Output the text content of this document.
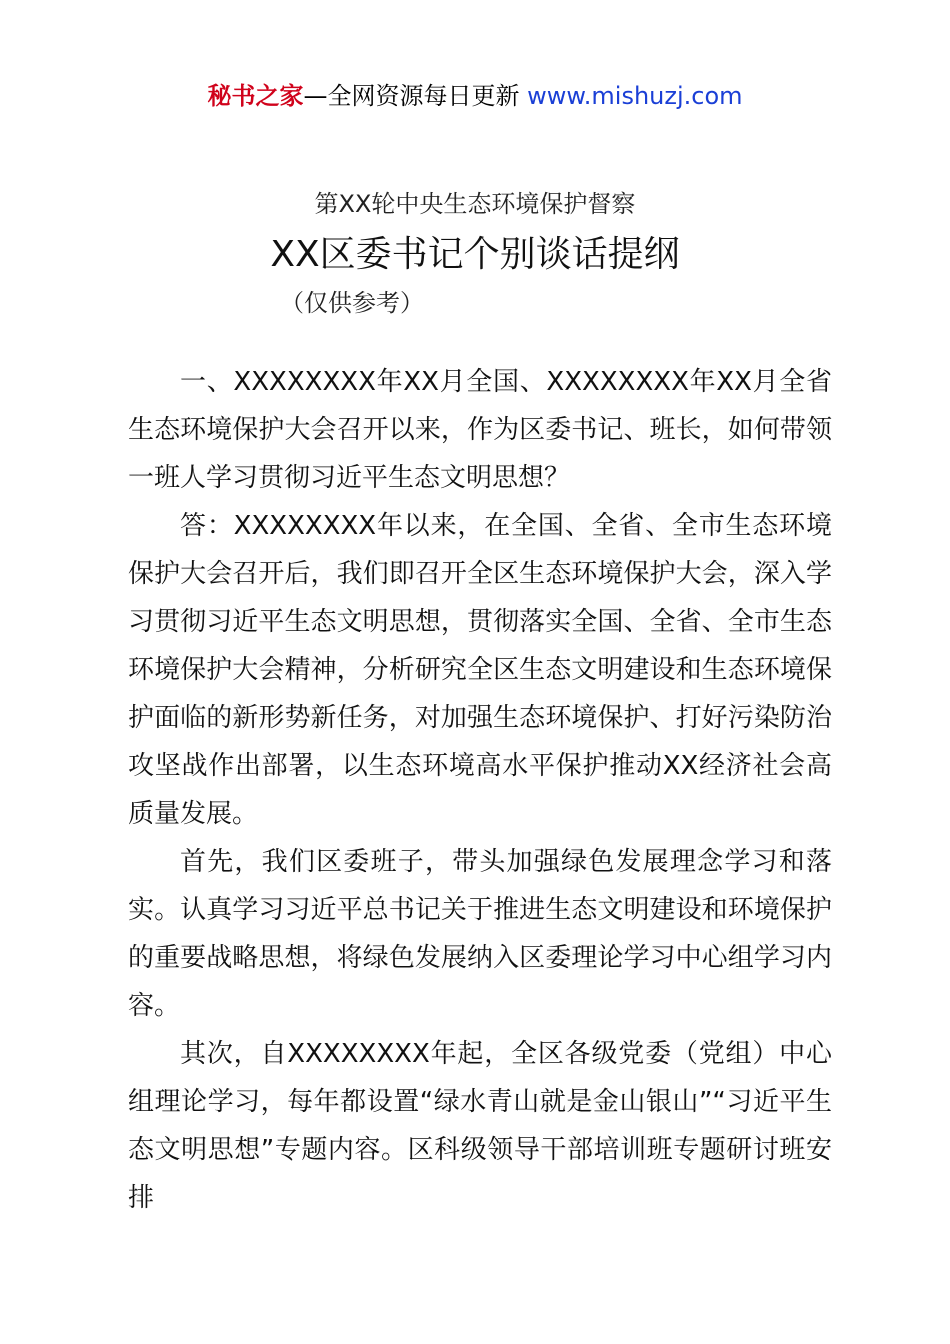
秘书之家—全网资源每日更新 www.mishuzj.com
第XX轮中央生态环境保护督察
XX区委书记个别谈话提纲
（仅供参考）

一、XXXXXXXX年XX月全国、XXXXXXXX年XX月全省生态环境保护大会召开以来，作为区委书记、班长，如何带领一班人学习贯彻习近平生态文明思想？

答：XXXXXXXX年以来，在全国、全省、全市生态环境保护大会召开后，我们即召开全区生态环境保护大会，深入学习贯彻习近平生态文明思想，贯彻落实全国、全省、全市生态环境保护大会精神，分析研究全区生态文明建设和生态环境保护面临的新形势新任务，对加强生态环境保护、打好污染防治攻坚战作出部署，以生态环境高水平保护推动XX经济社会高质量发展。

首先，我们区委班子，带头加强绿色发展理念学习和落实。认真学习习近平总书记关于推进生态文明建设和环境保护的重要战略思想，将绿色发展纳入区委理论学习中心组学习内容。

其次，自XXXXXXXX年起，全区各级党委（党组）中心组理论学习，每年都设置“绿水青山就是金山银山”“习近平生态文明思想”专题内容。区科级领导干部培训班专题研讨班安排
